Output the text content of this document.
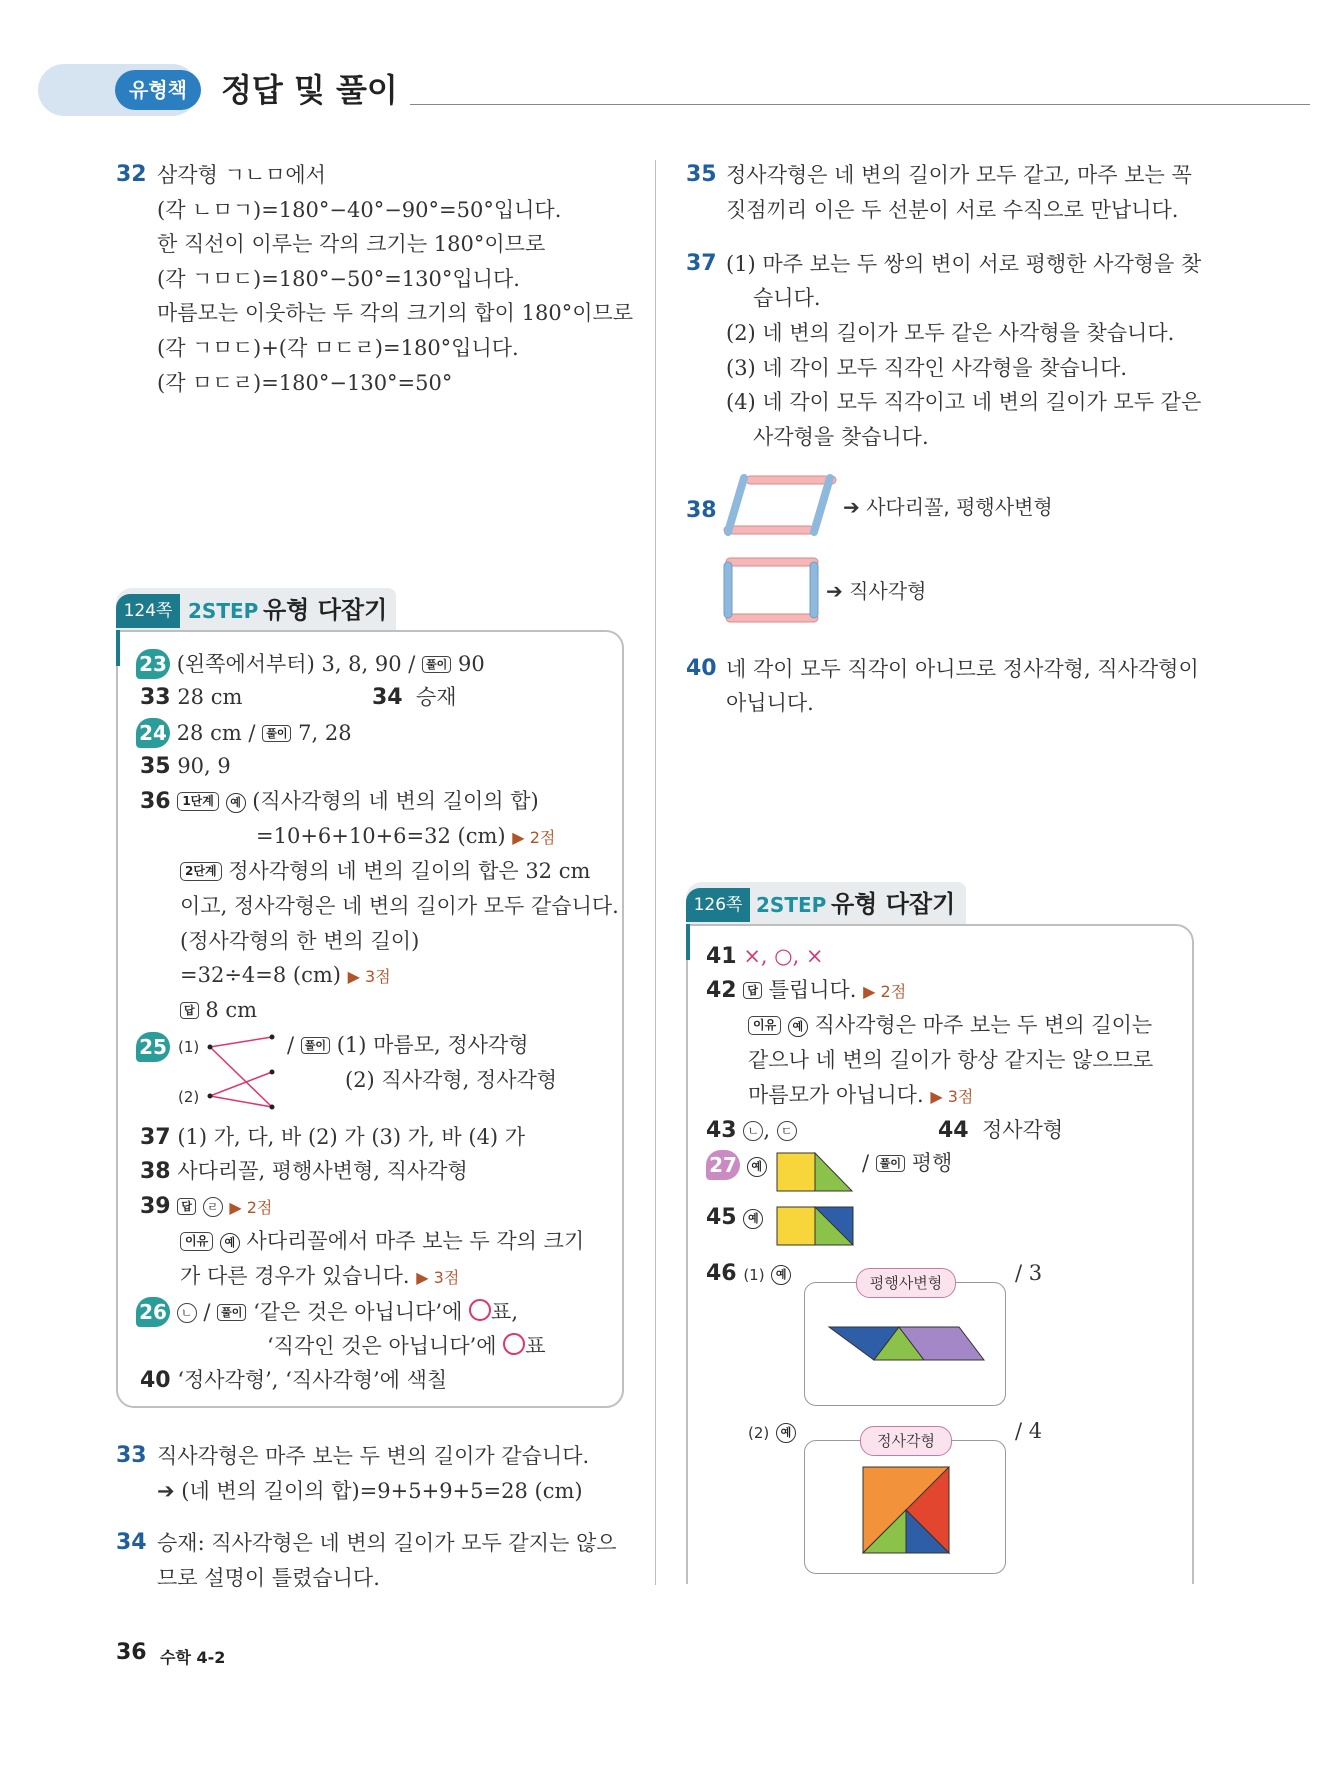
유형책	정답 및 풀이
32 삼각형 ㄱㄴㅁ에서
(각 ㄴㅁㄱ)=180°−40°−90°=50°입니다.
한 직선이 이루는 각의 크기는 180°이므로
(각 ㄱㅁㄷ)=180°−50°=130°입니다.
마름모는 이웃하는 두 각의 크기의 합이 180°이므로
(각 ㄱㅁㄷ)+(각 ㅁㄷㄹ)=180°입니다.
(각 ㅁㄷㄹ)=180°−130°=50°
124쪽 2STEP 유형 다잡기
23 (왼쪽에서부터) 3, 8, 90 / 풀이 90
33 28 cm	34 승재
24 28 cm / 풀이 7, 28
35 90, 9
36 1단계 예 (직사각형의 네 변의 길이의 합)
=10+6+10+6=32 (cm) ▶ 2점
2단계 정사각형의 네 변의 길이의 합은 32 cm
이고, 정사각형은 네 변의 길이가 모두 같습니다.
(정사각형의 한 변의 길이)
=32÷4=8 (cm) ▶ 3점
답 8 cm
25 (1)
(2)
/ 풀이 (1) 마름모, 정사각형
(2) 직사각형, 정사각형
37 (1) 가, 다, 바 (2) 가 (3) 가, 바 (4) 가
38 사다리꼴, 평행사변형, 직사각형
39 답 ㄹ ▶ 2점
이유 예 사다리꼴에서 마주 보는 두 각의 크기
가 다른 경우가 있습니다. ▶ 3점
26 ㄴ / 풀이 ‘같은 것은 아닙니다’에 ○표,
‘직각인 것은 아닙니다’에 ○표
40 ‘정사각형’, ‘직사각형’에 색칠
33 직사각형은 마주 보는 두 변의 길이가 같습니다.
➔ (네 변의 길이의 합)=9+5+9+5=28 (cm)
34 승재: 직사각형은 네 변의 길이가 모두 같지는 않으
므로 설명이 틀렸습니다.
35 정사각형은 네 변의 길이가 모두 같고, 마주 보는 꼭
짓점끼리 이은 두 선분이 서로 수직으로 만납니다.
37 (1) 마주 보는 두 쌍의 변이 서로 평행한 사각형을 찾
습니다.
(2) 네 변의 길이가 모두 같은 사각형을 찾습니다.
(3) 네 각이 모두 직각인 사각형을 찾습니다.
(4) 네 각이 모두 직각이고 네 변의 길이가 모두 같은
사각형을 찾습니다.
38	➔ 사다리꼴, 평행사변형
➔ 직사각형
40 네 각이 모두 직각이 아니므로 정사각형, 직사각형이
아닙니다.
126쪽 2STEP 유형 다잡기
41 ×, ○, ×
42 답 틀립니다. ▶ 2점
이유 예 직사각형은 마주 보는 두 변의 길이는
같으나 네 변의 길이가 항상 같지는 않으므로
마름모가 아닙니다. ▶ 3점
43 ㄴ , ㄷ	44 정사각형
27 예	/ 풀이 평행
45 예
46 (1) 예	평행사변형	/ 3
(2) 예	정사각형	/ 4
36 수학 4-2
